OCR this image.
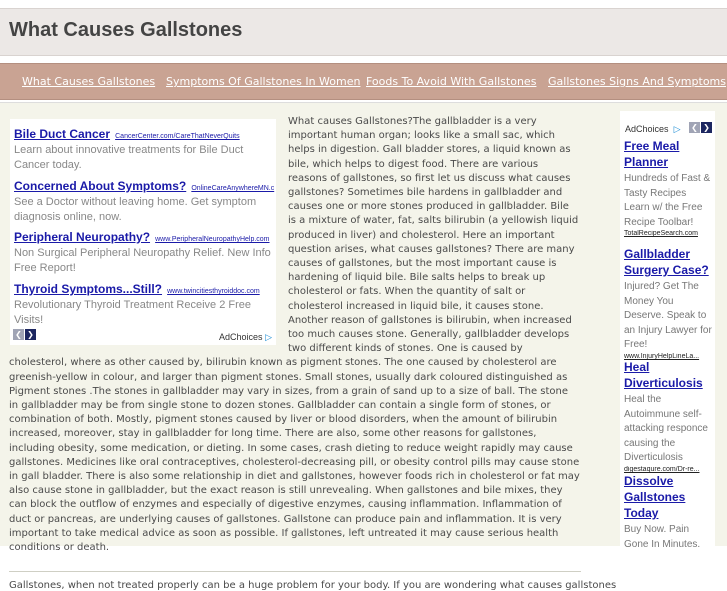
What Causes Gallstones
What Causes Gallstones Symptoms Of Gallstones In Women Foods To Avoid With Gallstones Gallstones Signs And Symptoms

What causes Gallstones?The gallbladder is a very important human organ; looks like a small sac, which helps in digestion. Gall bladder stores, a liquid known as bile, which helps to digest food. There are various reasons of gallstones, so first let us discuss what causes gallstones? Sometimes bile hardens in gallbladder and causes one or more stones produced in gallbladder. Bile is a mixture of water, fat, salts bilirubin (a yellowish liquid produced in liver) and cholesterol. Here an important question arises, what causes gallstones? There are many causes of gallstones, but the most important cause is hardening of liquid bile. Bile salts helps to break up cholesterol or fats. When the quantity of salt or cholesterol increased in liquid bile, it causes stone. Another reason of gallstones is bilirubin, when increased too much causes stone. Generally, gallbladder develops two different kinds of stones. One is caused by cholesterol, where as other caused by, bilirubin known as pigment stones. The one caused by cholesterol are greenish-yellow in colour, and larger than pigment stones. Small stones, usually dark coloured distinguished as Pigment stones .The stones in gallbladder may vary in sizes, from a grain of sand up to a size of ball. The stone in gallbladder may be from single stone to dozen stones. Gallbladder can contain a single form of stones, or combination of both. Mostly, pigment stones caused by liver or blood disorders, when the amount of bilirubin increased, moreover, stay in gallbladder for long time. There are also, some other reasons for gallstones, including obesity, some medication, or dieting. In some cases, crash dieting to reduce weight rapidly may cause gallstones. Medicines like oral contraceptives, cholesterol-decreasing pill, or obesity control pills may cause stone in gall bladder. There is also some relationship in diet and gallstones, however foods rich in cholesterol or fat may also cause stone in gallbladder, but the exact reason is still unrevealing. When gallstones and bile mixes, they can block the outflow of enzymes and especially of digestive enzymes, causing inflammation. Inflammation of duct or pancreas, are underlying causes of gallstones. Gallstone can produce pain and inflammation. It is very important to take medical advice as soon as possible. If gallstones, left untreated it may cause serious health conditions or death.

Gallstones, when not treated properly can be a huge problem for your body. If you are wondering what causes gallstones

Bile Duct Cancer CancerCenter.com/CareThatNeverQuits
Learn about innovative treatments for Bile Duct Cancer today.
Concerned About Symptoms? OnlineCareAnywhereMN.c
See a Doctor without leaving home. Get symptom diagnosis online, now.
Peripheral Neuropathy? www.PeripheralNeuropathyHelp.com
Non Surgical Peripheral Neuropathy Relief. New Info Free Report!
Thyroid Symptoms...Still? www.twincitiesthyroiddoc.com
Revolutionary Thyroid Treatment Receive 2 Free Visits!
❮ ❯	AdChoices ▷
AdChoices ▷	❮ ❯
Free Meal Planner
Hundreds of Fast & Tasty Recipes Learn w/ the Free Recipe Toolbar!
TotalRecipeSearch.com
Gallbladder Surgery Case?
Injured? Get The Money You Deserve. Speak to an Injury Lawyer for Free!
www.InjuryHelpLineLa...
Heal Diverticulosis
Heal the Autoimmune self-attacking responce causing the Diverticulosis
digestaqure.com/Dr-re...
Dissolve Gallstones Today
Buy Now. Pain Gone In Minutes.
